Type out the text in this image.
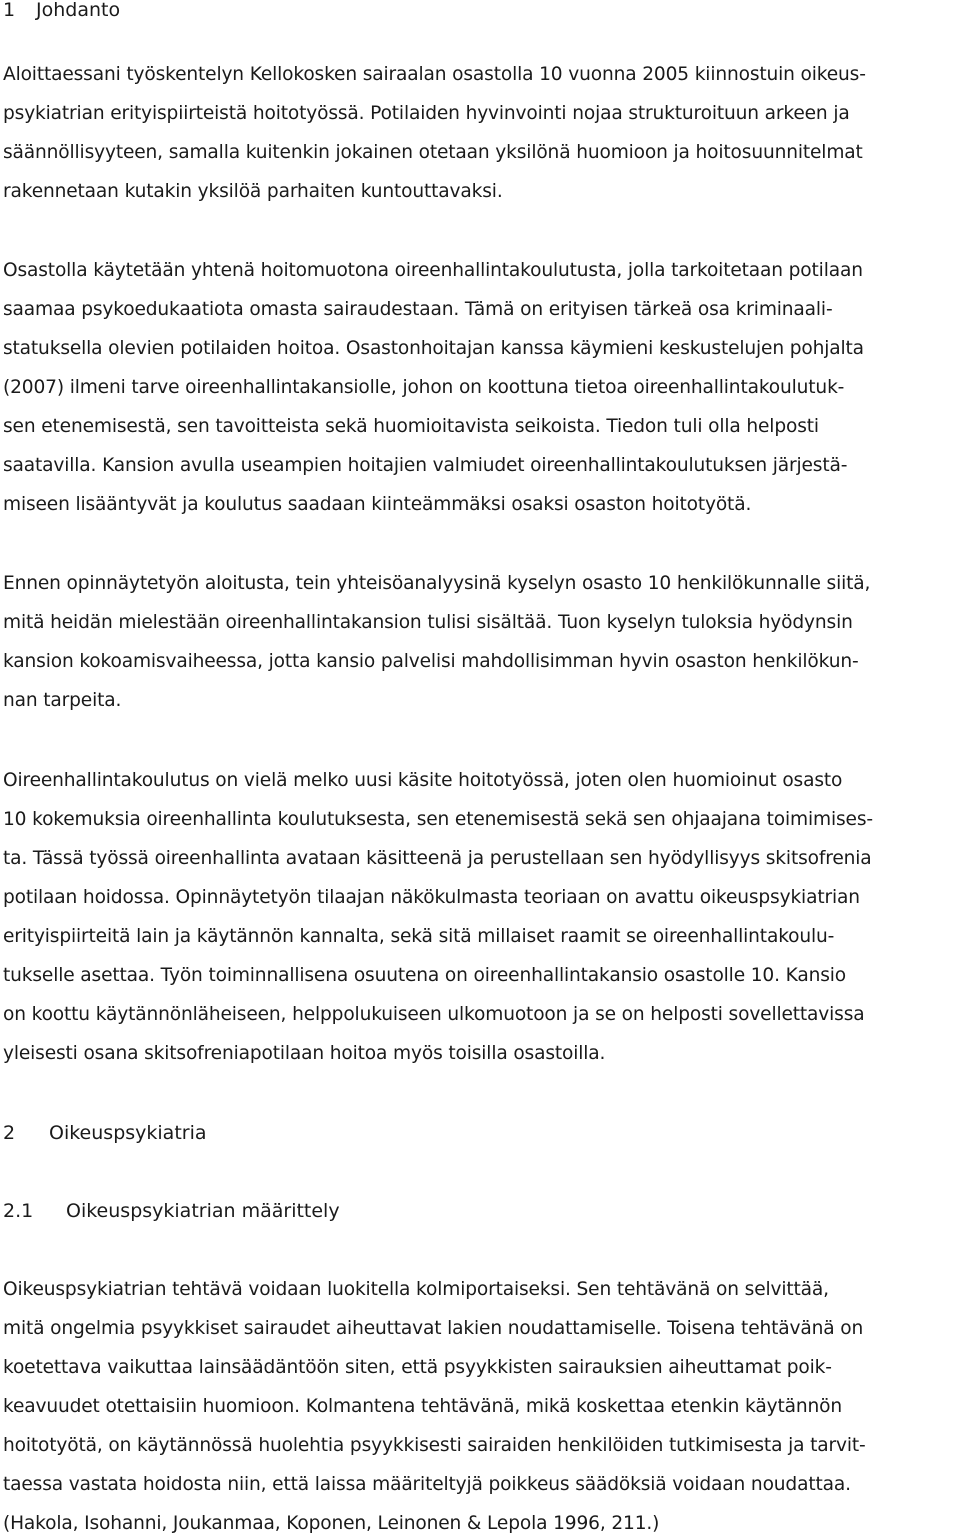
1 Johdanto
Aloittaessani työskentelyn Kellokosken sairaalan osastolla 10 vuonna 2005 kiinnostuin oikeus-
psykiatrian erityispiirteistä hoitotyössä. Potilaiden hyvinvointi nojaa strukturoituun arkeen ja
säännöllisyyteen, samalla kuitenkin jokainen otetaan yksilönä huomioon ja hoitosuunnitelmat
rakennetaan kutakin yksilöä parhaiten kuntouttavaksi.
Osastolla käytetään yhtenä hoitomuotona oireenhallintakoulutusta, jolla tarkoitetaan potilaan
saamaa psykoedukaatiota omasta sairaudestaan. Tämä on erityisen tärkeä osa kriminaali-
statuksella olevien potilaiden hoitoa. Osastonhoitajan kanssa käymieni keskustelujen pohjalta
(2007) ilmeni tarve oireenhallintakansiolle, johon on koottuna tietoa oireenhallintakoulutuk-
sen etenemisestä, sen tavoitteista sekä huomioitavista seikoista. Tiedon tuli olla helposti
saatavilla. Kansion avulla useampien hoitajien valmiudet oireenhallintakoulutuksen järjestä-
miseen lisääntyvät ja koulutus saadaan kiinteämmäksi osaksi osaston hoitotyötä.
Ennen opinnäytetyön aloitusta, tein yhteisöanalyysinä kyselyn osasto 10 henkilökunnalle siitä,
mitä heidän mielestään oireenhallintakansion tulisi sisältää. Tuon kyselyn tuloksia hyödynsin
kansion kokoamisvaiheessa, jotta kansio palvelisi mahdollisimman hyvin osaston henkilökun-
nan tarpeita.
Oireenhallintakoulutus on vielä melko uusi käsite hoitotyössä, joten olen huomioinut osasto
10 kokemuksia oireenhallinta koulutuksesta, sen etenemisestä sekä sen ohjaajana toimimises-
ta. Tässä työssä oireenhallinta avataan käsitteenä ja perustellaan sen hyödyllisyys skitsofrenia
potilaan hoidossa. Opinnäytetyön tilaajan näkökulmasta teoriaan on avattu oikeuspsykiatrian
erityispiirteitä lain ja käytännön kannalta, sekä sitä millaiset raamit se oireenhallintakoulu-
tukselle asettaa. Työn toiminnallisena osuutena on oireenhallintakansio osastolle 10. Kansio
on koottu käytännönläheiseen, helppolukuiseen ulkomuotoon ja se on helposti sovellettavissa
yleisesti osana skitsofreniapotilaan hoitoa myös toisilla osastoilla.
2 Oikeuspsykiatria
2.1 Oikeuspsykiatrian määrittely
Oikeuspsykiatrian tehtävä voidaan luokitella kolmiportaiseksi. Sen tehtävänä on selvittää,
mitä ongelmia psyykkiset sairaudet aiheuttavat lakien noudattamiselle. Toisena tehtävänä on
koetettava vaikuttaa lainsäädäntöön siten, että psyykkisten sairauksien aiheuttamat poik-
keavuudet otettaisiin huomioon. Kolmantena tehtävänä, mikä koskettaa etenkin käytännön
hoitotyötä, on käytännössä huolehtia psyykkisesti sairaiden henkilöiden tutkimisesta ja tarvit-
taessa vastata hoidosta niin, että laissa määriteltyjä poikkeus säädöksiä voidaan noudattaa.
(Hakola, Isohanni, Joukanmaa, Koponen, Leinonen & Lepola 1996, 211.)
